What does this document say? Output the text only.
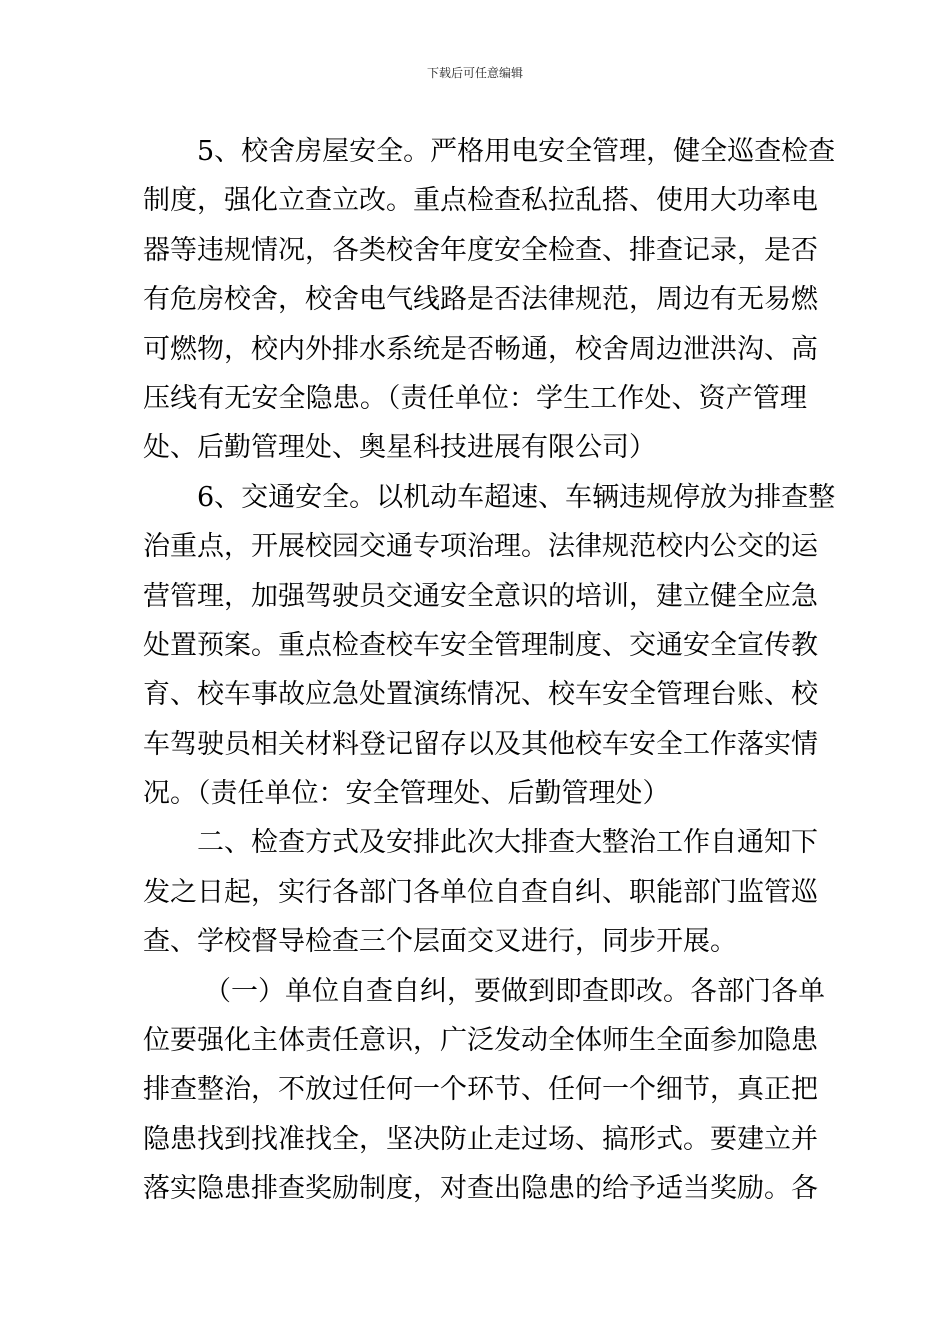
下载后可任意编辑
5、校舍房屋安全。严格用电安全管理，健全巡查检查
制度，强化立查立改。重点检查私拉乱搭、使用大功率电
器等违规情况，各类校舍年度安全检查、排查记录，是否
有危房校舍，校舍电气线路是否法律规范，周边有无易燃
可燃物，校内外排水系统是否畅通，校舍周边泄洪沟、高
压线有无安全隐患。（责任单位：学生工作处、资产管理
处、后勤管理处、奥星科技进展有限公司）
6、交通安全。以机动车超速、车辆违规停放为排查整
治重点，开展校园交通专项治理。法律规范校内公交的运
营管理，加强驾驶员交通安全意识的培训，建立健全应急
处置预案。重点检查校车安全管理制度、交通安全宣传教
育、校车事故应急处置演练情况、校车安全管理台账、校
车驾驶员相关材料登记留存以及其他校车安全工作落实情
况。（责任单位：安全管理处、后勤管理处）
二、检查方式及安排此次大排查大整治工作自通知下
发之日起，实行各部门各单位自查自纠、职能部门监管巡
查、学校督导检查三个层面交叉进行，同步开展。
（一）单位自查自纠，要做到即查即改。各部门各单
位要强化主体责任意识，广泛发动全体师生全面参加隐患
排查整治，不放过任何一个环节、任何一个细节，真正把
隐患找到找准找全，坚决防止走过场、搞形式。要建立并
落实隐患排查奖励制度，对查出隐患的给予适当奖励。各
